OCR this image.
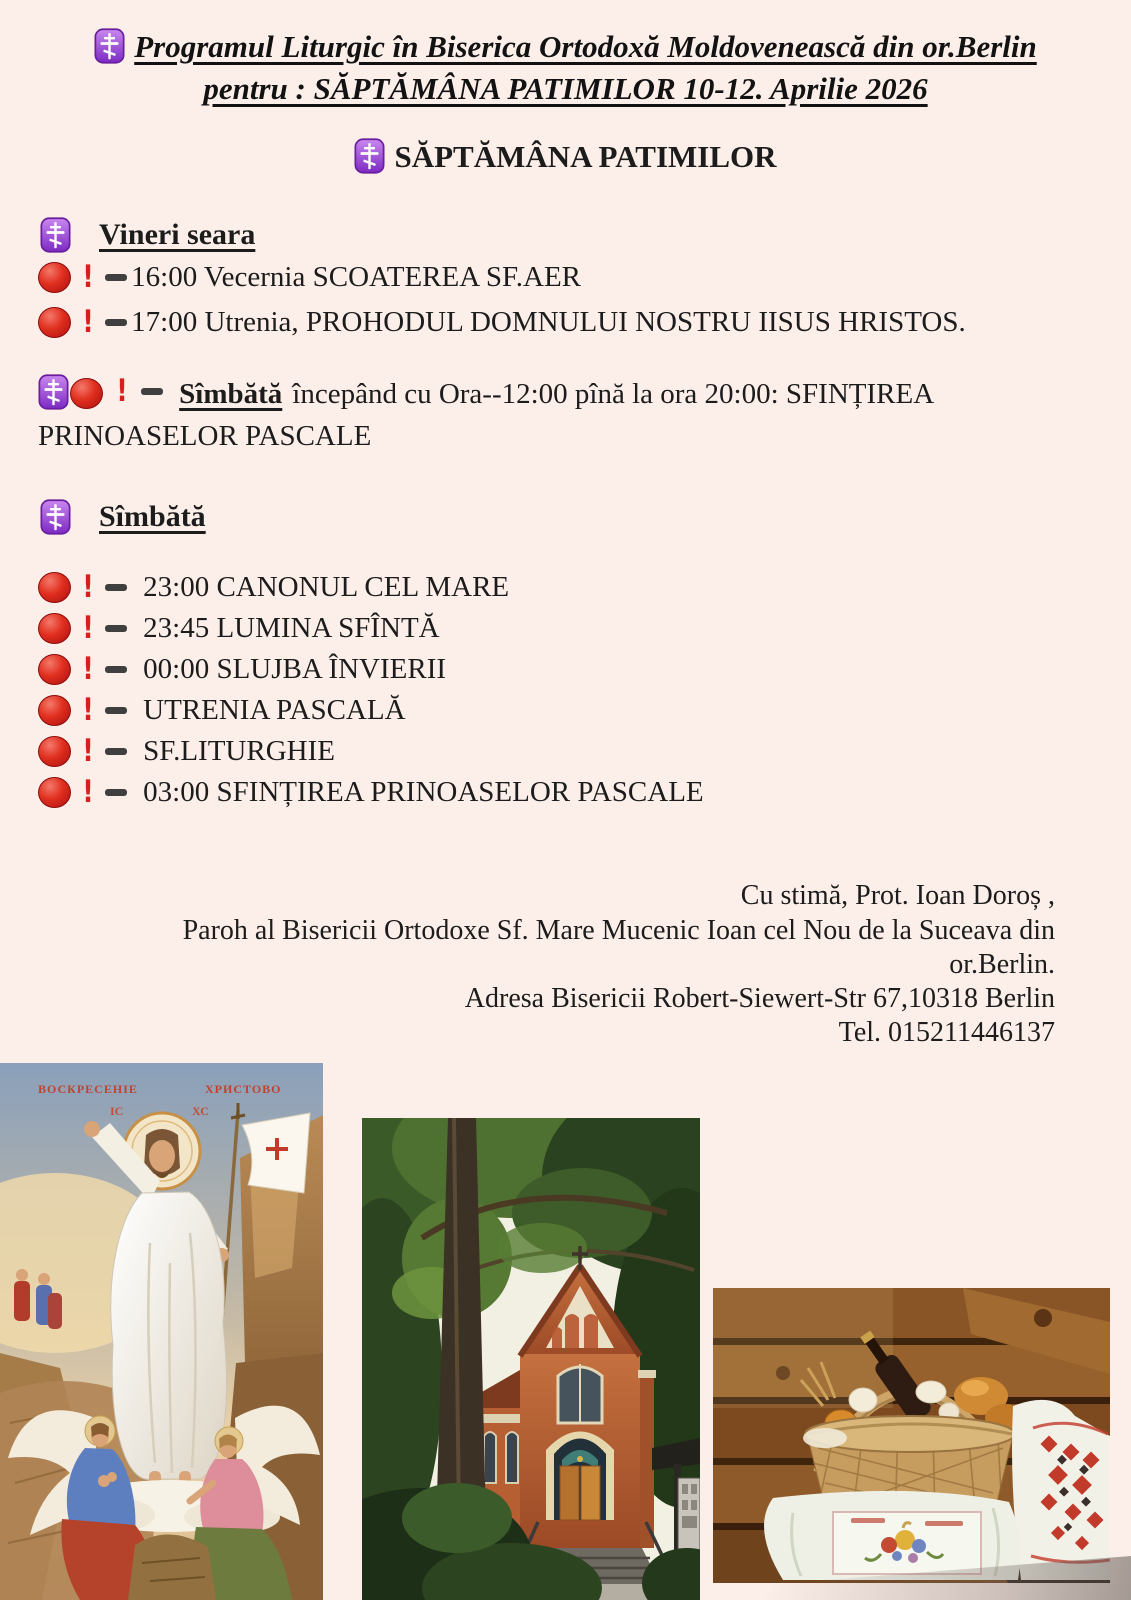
Programul Liturgic în Biserica Ortodoxă Moldovenească din or.Berlin
pentru : SĂPTĂMÂNA PATIMILOR 10-12. Aprilie 2026
SĂPTĂMÂNA PATIMILOR
Vineri seara
! 16:00 Vecernia SCOATEREA SF.AER
! 17:00 Utrenia, PROHODUL DOMNULUI NOSTRU IISUS HRISTOS.
! Sîmbătă începând cu Ora--12:00 pînă la ora 20:00: SFINȚIREA
PRINOASELOR PASCALE
Sîmbătă
! 23:00 CANONUL CEL MARE
! 23:45 LUMINA SFÎNTĂ
! 00:00 SLUJBA ÎNVIERII
! UTRENIA PASCALĂ
! SF.LITURGHIE
! 03:00 SFINȚIREA PRINOASELOR PASCALE
Cu stimă, Prot. Ioan Doroș ,
Paroh al Bisericii Ortodoxe Sf. Mare Mucenic Ioan cel Nou de la Suceava din
or.Berlin.
Adresa Bisericii Robert-Siewert-Str 67,10318 Berlin
Tel. 015211446137
ВОСКРЕСЕНІЕ	ХРИСТОВО
ІС	ХС
